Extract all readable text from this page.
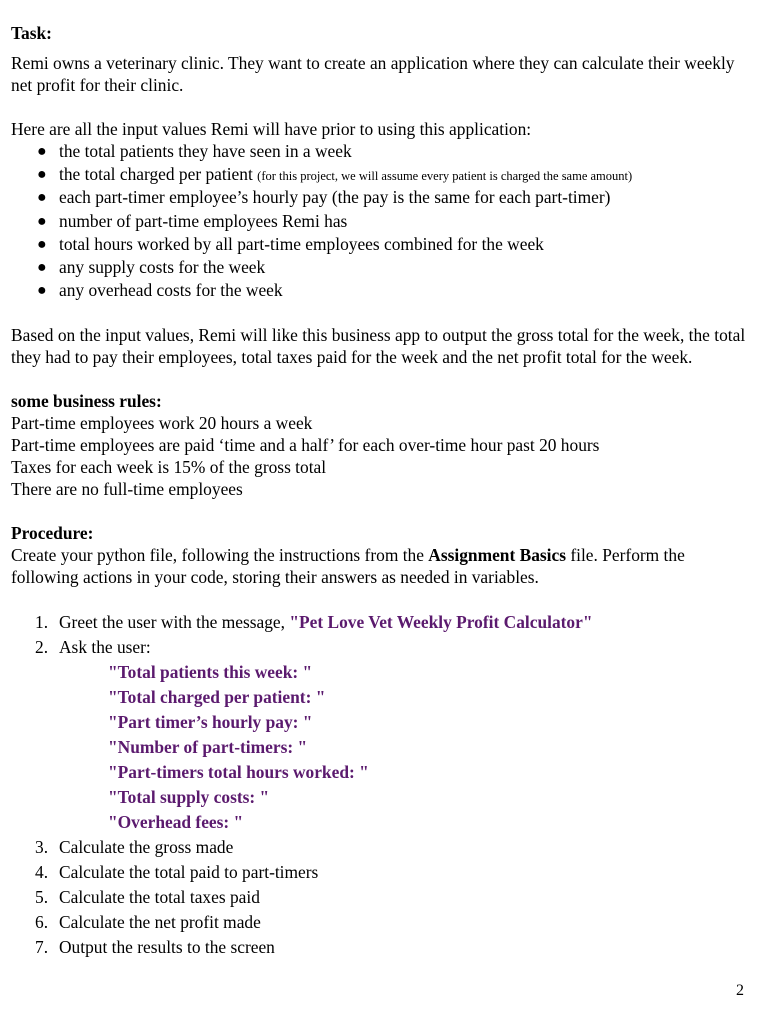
Task:

Remi owns a veterinary clinic. They want to create an application where they can calculate their weekly net profit for their clinic.

Here are all the input values Remi will have prior to using this application:

● the total patients they have seen in a week
● the total charged per patient (for this project, we will assume every patient is charged the same amount)
● each part-timer employee’s hourly pay (the pay is the same for each part-timer)
● number of part-time employees Remi has
● total hours worked by all part-time employees combined for the week
● any supply costs for the week
● any overhead costs for the week

Based on the input values, Remi will like this business app to output the gross total for the week, the total they had to pay their employees, total taxes paid for the week and the net profit total for the week.

some business rules:

Part-time employees work 20 hours a week

Part-time employees are paid ‘time and a half’ for each over-time hour past 20 hours

Taxes for each week is 15% of the gross total

There are no full-time employees

Procedure:

Create your python file, following the instructions from the Assignment Basics file. Perform the following actions in your code, storing their answers as needed in variables.

1. Greet the user with the message, "Pet Love Vet Weekly Profit Calculator"
2. Ask the user:
"Total patients this week: "
"Total charged per patient: "
"Part timer’s hourly pay: "
"Number of part-timers: "
"Part-timers total hours worked: "
"Total supply costs: "
"Overhead fees: "
3. Calculate the gross made
4. Calculate the total paid to part-timers
5. Calculate the total taxes paid
6. Calculate the net profit made
7. Output the results to the screen
2
